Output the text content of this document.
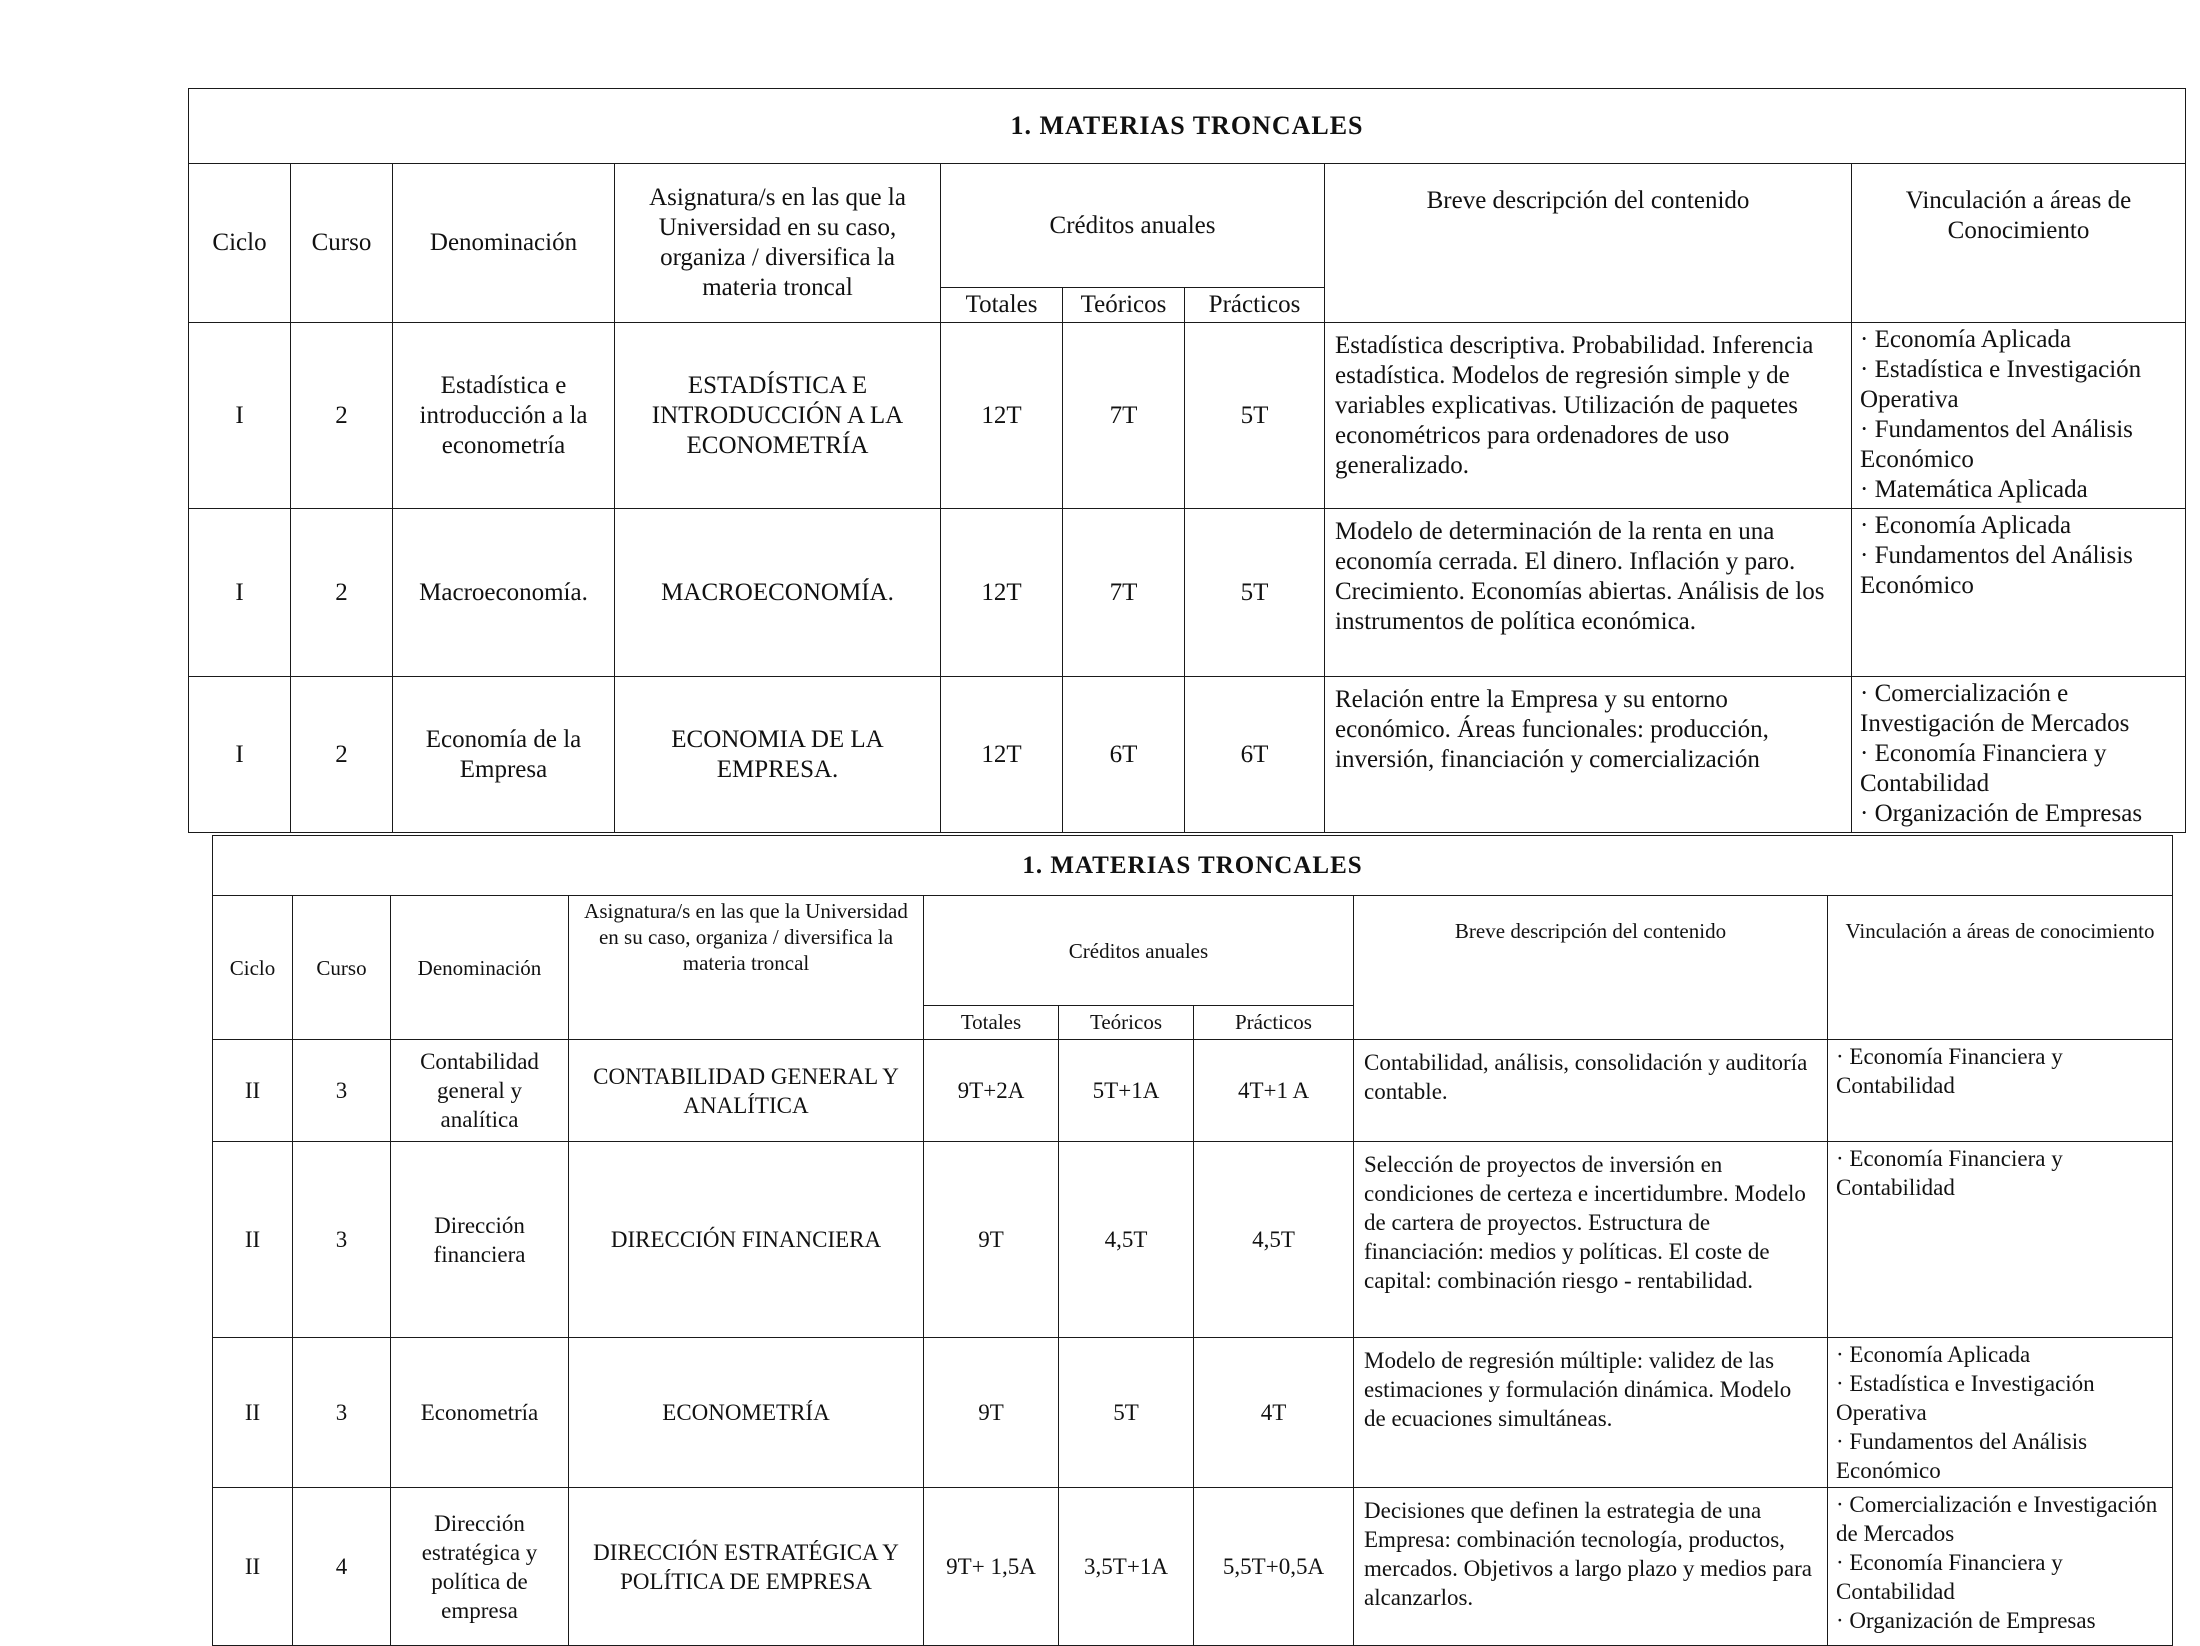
1. MATERIAS TRONCALES								
Ciclo	Curso	Denominación	Asignatura/s en las que la Universidad en su caso, organiza / diversifica la materia troncal	Créditos anuales			Breve descripción del contenido	Vinculación a áreas de Conocimiento
				Totales	Teóricos	Prácticos		
I	2	Estadística e introducción a la econometría	ESTADÍSTICA E INTRODUCCIÓN A LA ECONOMETRÍA	12T	7T	5T	Estadística descriptiva. Probabilidad. Inferencia estadística. Modelos de regresión simple y de variables explicativas. Utilización de paquetes econométricos para ordenadores de uso generalizado.	· Economía Aplicada
· Estadística e Investigación Operativa
· Fundamentos del Análisis Económico
· Matemática Aplicada

I	2	Macroeconomía.	MACROECONOMÍA.	12T	7T	5T	Modelo de determinación de la renta en una economía cerrada. El dinero. Inflación y paro. Crecimiento. Economías abiertas. Análisis de los instrumentos de política económica.	· Economía Aplicada
· Fundamentos del Análisis Económico

I	2	Economía de la Empresa	ECONOMIA DE LA EMPRESA.	12T	6T	6T	Relación entre la Empresa y su entorno económico. Áreas funcionales: producción, inversión, financiación y comercialización	· Comercialización e Investigación de Mercados
· Economía Financiera y Contabilidad
· Organización de Empresas
1. MATERIAS TRONCALES								
Ciclo	Curso	Denominación	Asignatura/s en las que la Universidad en su caso, organiza / diversifica la materia troncal	Créditos anuales			Breve descripción del contenido	Vinculación a áreas de conocimiento
				Totales	Teóricos	Prácticos		
II	3	Contabilidad general y analítica	CONTABILIDAD GENERAL Y ANALÍTICA	9T+2A	5T+1A	4T+1 A	Contabilidad, análisis, consolidación y auditoría contable.	· Economía Financiera y Contabilidad

II	3	Dirección financiera	DIRECCIÓN FINANCIERA	9T	4,5T	4,5T	Selección de proyectos de inversión en condiciones de certeza e incertidumbre. Modelo de cartera de proyectos. Estructura de financiación: medios y políticas. El coste de capital: combinación riesgo - rentabilidad.	· Economía Financiera y Contabilidad

II	3	Econometría	ECONOMETRÍA	9T	5T	4T	Modelo de regresión múltiple: validez de las estimaciones y formulación dinámica. Modelo de ecuaciones simultáneas.	· Economía Aplicada
· Estadística e Investigación Operativa
· Fundamentos del Análisis Económico

II	4	Dirección estratégica y política de empresa	DIRECCIÓN ESTRATÉGICA Y POLÍTICA DE EMPRESA	9T+ 1,5A	3,5T+1A	5,5T+0,5A	Decisiones que definen la estrategia de una Empresa: combinación tecnología, productos, mercados. Objetivos a largo plazo y medios para alcanzarlos.	· Comercialización e Investigación de Mercados
· Economía Financiera y Contabilidad
· Organización de Empresas
